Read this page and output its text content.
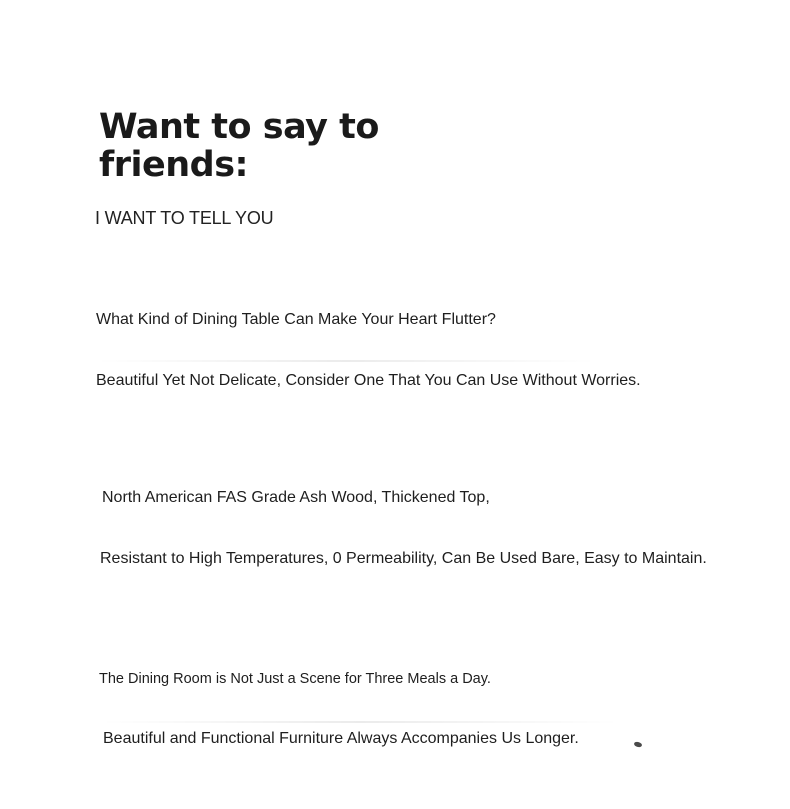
Want to say to friends:

I WANT TO TELL YOU

What Kind of Dining Table Can Make Your Heart Flutter?

Beautiful Yet Not Delicate, Consider One That You Can Use Without Worries.

North American FAS Grade Ash Wood, Thickened Top,

Resistant to High Temperatures, 0 Permeability, Can Be Used Bare, Easy to Maintain.

The Dining Room is Not Just a Scene for Three Meals a Day.

Beautiful and Functional Furniture Always Accompanies Us Longer.
